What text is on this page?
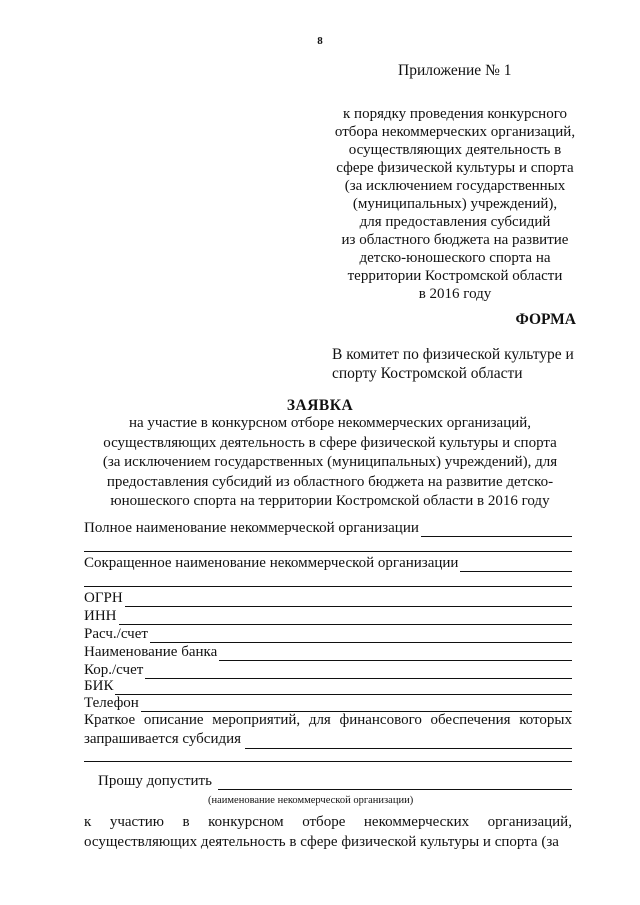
8
Приложение № 1
к порядку проведения конкурсного
отбора некоммерческих организаций,
осуществляющих деятельность в
сфере физической культуры и спорта
(за исключением государственных
(муниципальных) учреждений),
для предоставления субсидий
из областного бюджета на развитие
детско-юношеского спорта на
территории Костромской области
в 2016 году
ФОРМА
В комитет по физической культуре и
спорту Костромской области
ЗАЯВКА
на участие в конкурсном отборе некоммерческих организаций,
осуществляющих деятельность в сфере физической культуры и спорта
(за исключением государственных (муниципальных) учреждений), для
предоставления субсидий из областного бюджета на развитие детско-
юношеского спорта на территории Костромской области в 2016 году
Полное наименование некоммерческой организации
Сокращенное наименование некоммерческой организации
ОГРН
ИНН
Расч./счет
Наименование банка
Кор./счет
БИК
Телефон
Краткое описание мероприятий, для финансового обеспечения которых
запрашивается субсидия
Прошу допустить
(наименование некоммерческой организации)
к участию в конкурсном отборе некоммерческих организаций,
осуществляющих деятельность в сфере физической культуры и спорта (за
